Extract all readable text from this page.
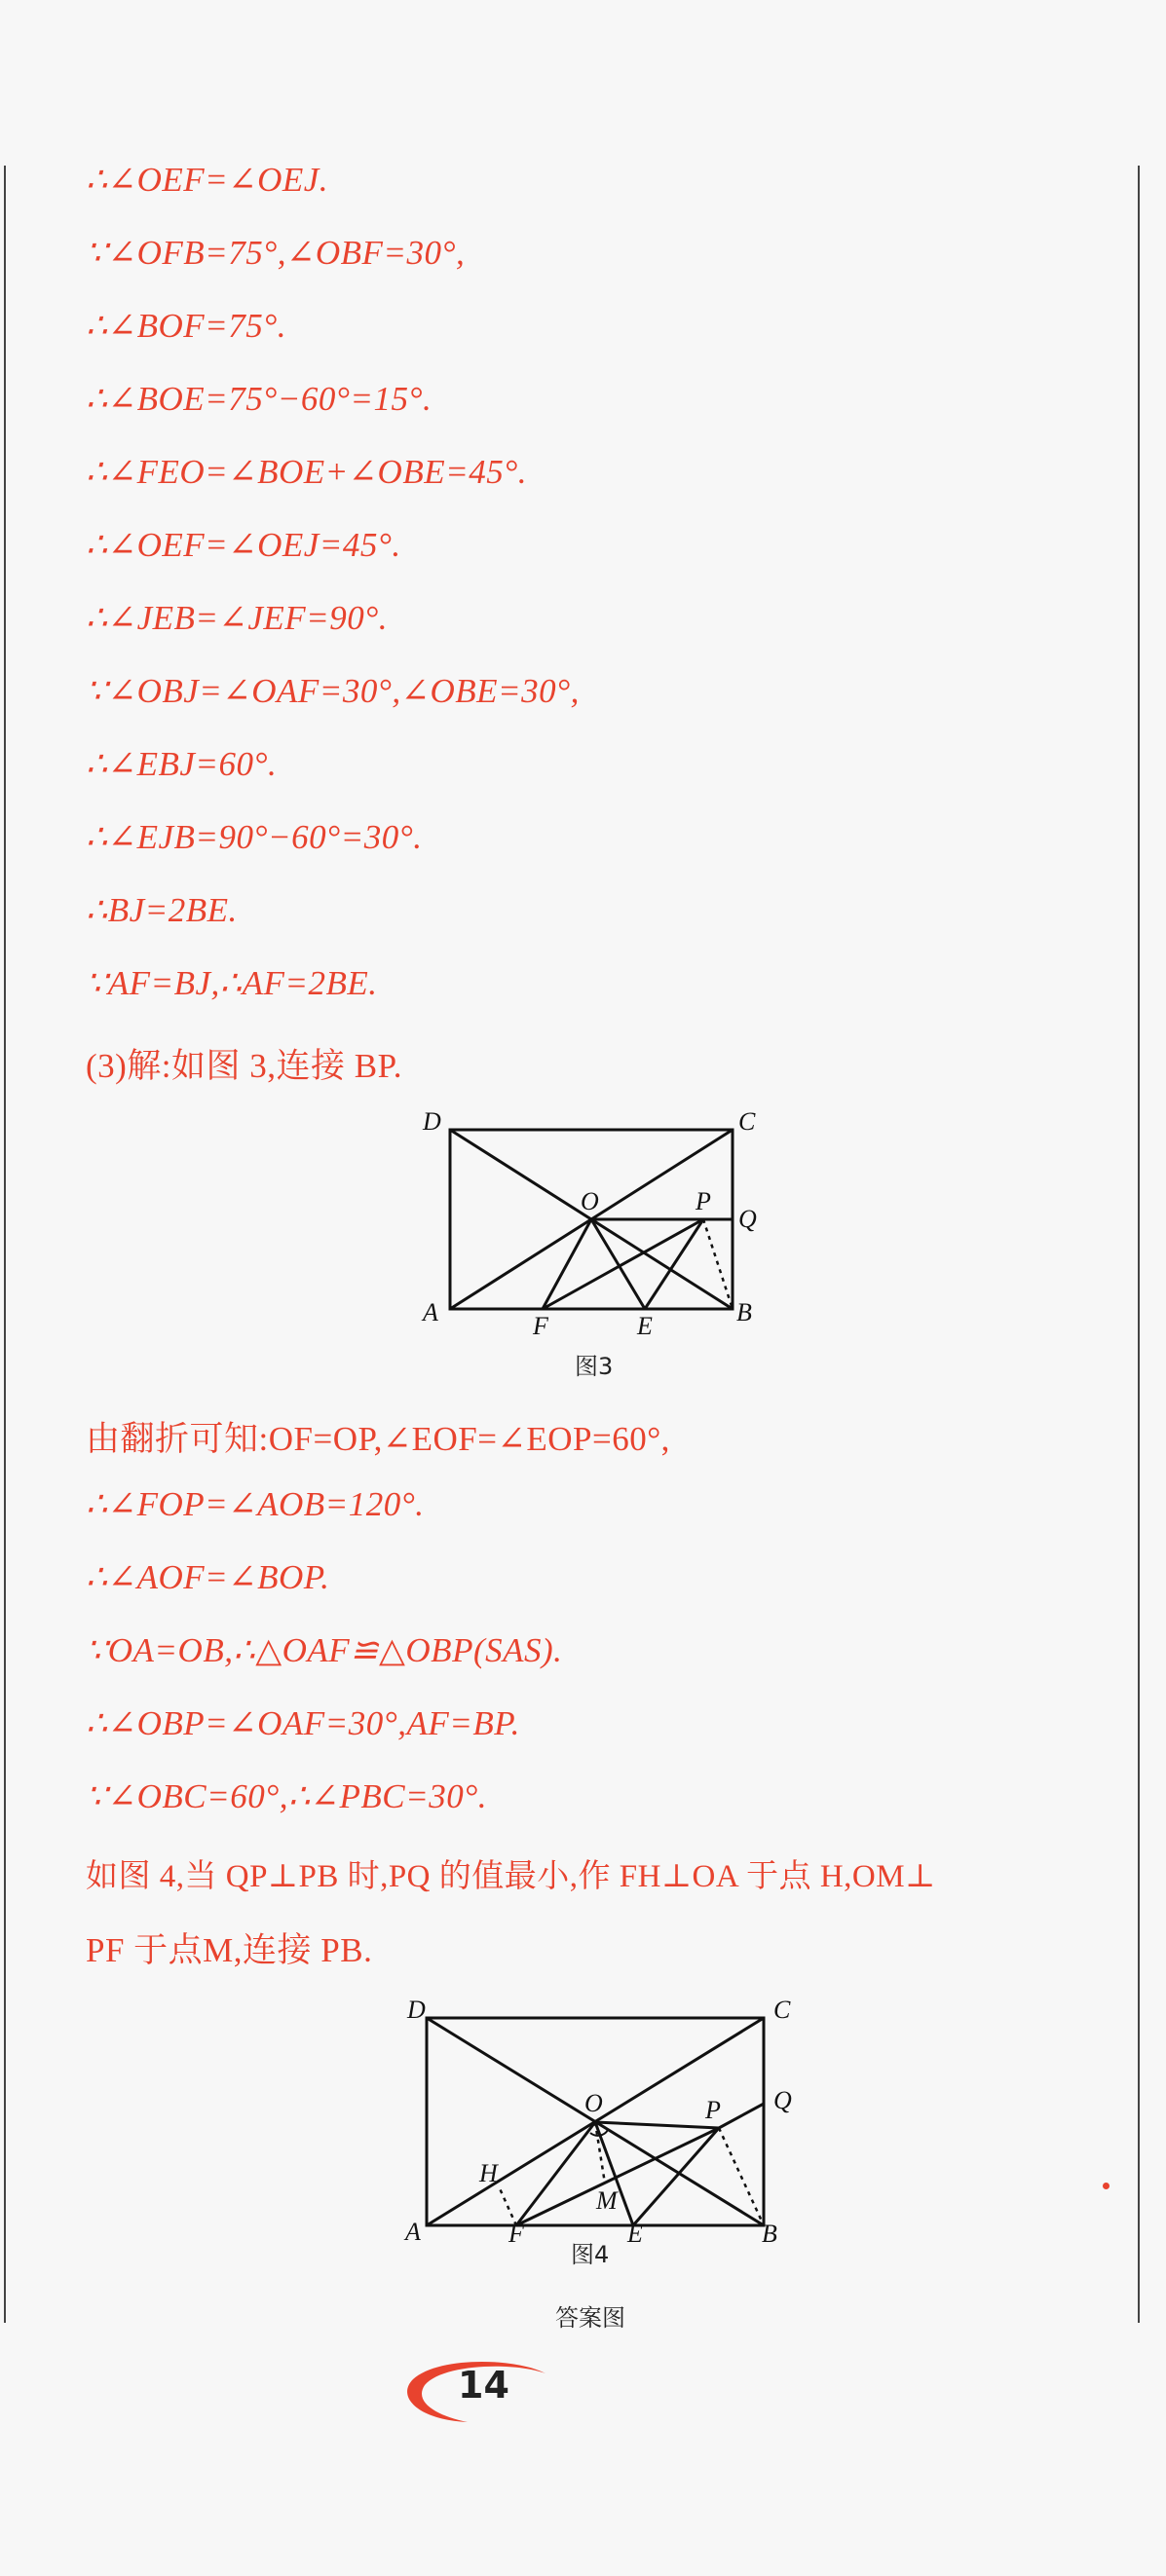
∴∠OEF=∠OEJ.
∵∠OFB=75°,∠OBF=30°,
∴∠BOF=75°.
∴∠BOE=75°−60°=15°.
∴∠FEO=∠BOE+∠OBE=45°.
∴∠OEF=∠OEJ=45°.
∴∠JEB=∠JEF=90°.
∵∠OBJ=∠OAF=30°,∠OBE=30°,
∴∠EBJ=60°.
∴∠EJB=90°−60°=30°.
∴BJ=2BE.
∵AF=BJ,∴AF=2BE.
(3)解:如图 3,连接 BP.
D	C
O	P
Q
A	F	E	B
图3
由翻折可知:OF=OP,∠EOF=∠EOP=60°,
∴∠FOP=∠AOB=120°.
∴∠AOF=∠BOP.
∵OA=OB,∴△OAF≌△OBP(SAS).
∴∠OBP=∠OAF=30°,AF=BP.
∵∠OBC=60°,∴∠PBC=30°.
如图 4,当 QP⊥PB 时,PQ 的值最小,作 FH⊥OA 于点 H,OM⊥
PF 于点M,连接 PB.
D	C
O	P Q
H
M
A	F	E	B
图4
答案图
14
